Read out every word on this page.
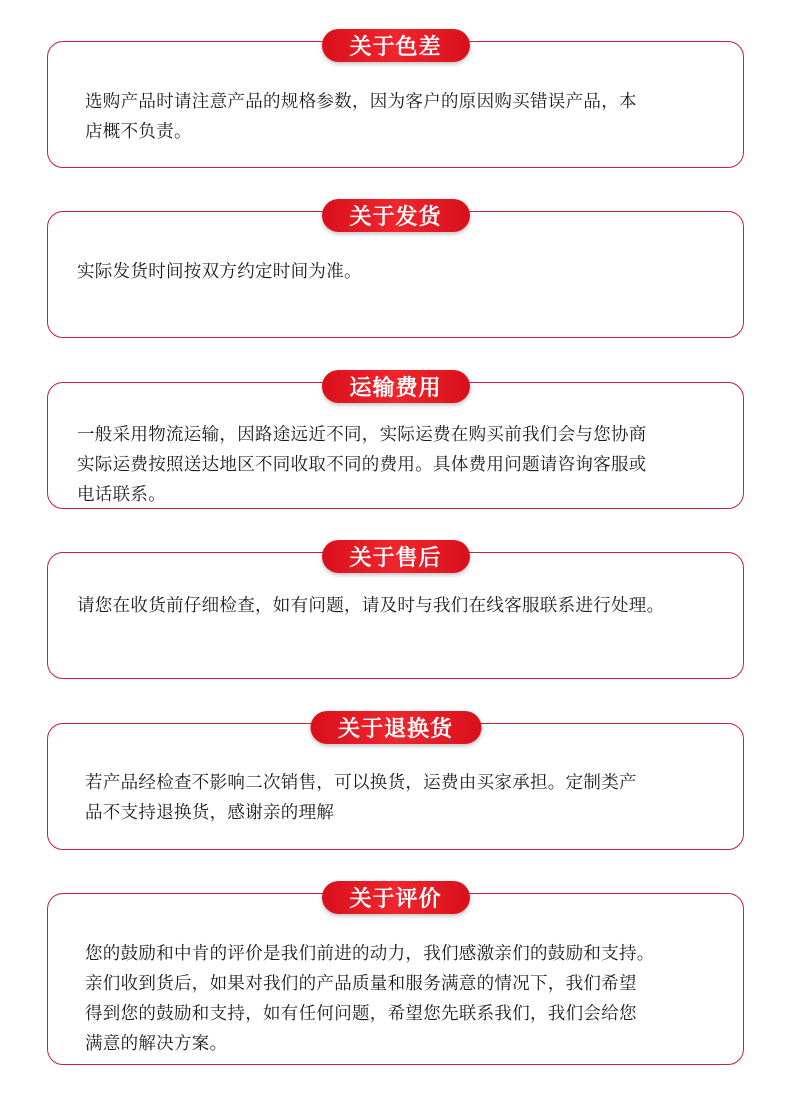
关于色差
选购产品时请注意产品的规格参数，因为客户的原因购买错误产品，本
店概不负责。
关于发货
实际发货时间按双方约定时间为准。
运输费用
一般采用物流运输，因路途远近不同，实际运费在购买前我们会与您协商
实际运费按照送达地区不同收取不同的费用。具体费用问题请咨询客服或
电话联系。
关于售后
请您在收货前仔细检查，如有问题，请及时与我们在线客服联系进行处理。
关于退换货
若产品经检查不影响二次销售，可以换货，运费由买家承担。定制类产
品不支持退换货，感谢亲的理解
关于评价
您的鼓励和中肯的评价是我们前进的动力，我们感激亲们的鼓励和支持。
亲们收到货后，如果对我们的产品质量和服务满意的情况下，我们希望
得到您的鼓励和支持，如有任何问题，希望您先联系我们，我们会给您
满意的解决方案。
